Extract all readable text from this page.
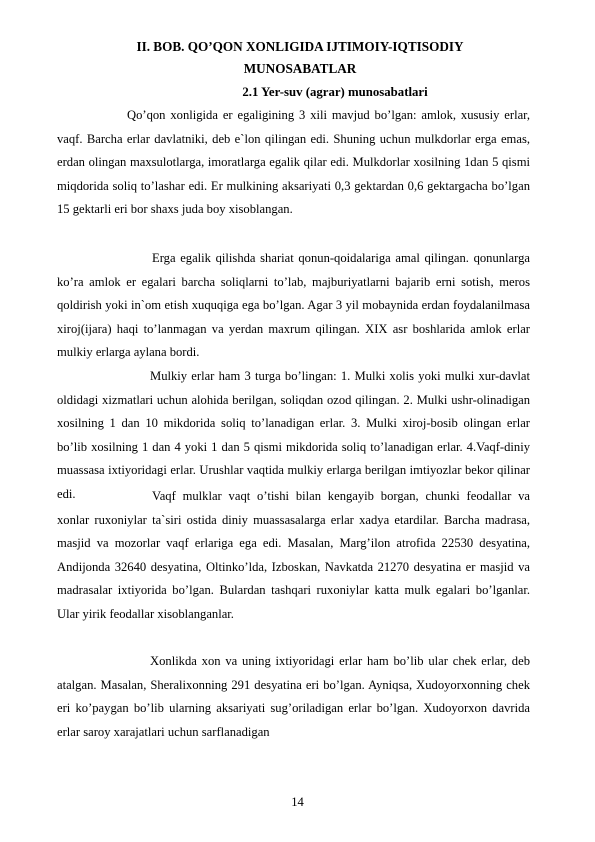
II. BOB. QO’QON XONLIGIDA IJTIMOIY-IQTISODIY
MUNOSABATLAR
2.1 Yer-suv (agrar) munosabatlari

Qo’qon xonligida er egaligining 3 xili mavjud bo’lgan: amlok, xususiy erlar, vaqf. Barcha erlar davlatniki, deb e`lon qilingan edi. Shuning uchun mulkdorlar erga emas, erdan olingan maxsulotlarga, imoratlarga egalik qilar edi. Mulkdorlar xosilning 1dan 5 qismi miqdorida soliq to’lashar edi. Er mulkining aksariyati 0,3 gektardan 0,6 gektargacha bo’lgan 15 gektarli eri bor shaxs juda boy xisoblangan.

Erga egalik qilishda shariat qonun-qoidalariga amal qilingan. qonunlarga ko’ra amlok er egalari barcha soliqlarni to’lab, majburiyatlarni bajarib erni sotish, meros qoldirish yoki in`om etish xuquqiga ega bo’lgan. Agar 3 yil mobaynida erdan foydalanilmasa xiroj(ijara) haqi to’lanmagan va yerdan maxrum qilingan. XIX asr boshlarida amlok erlar mulkiy erlarga aylana bordi.

Mulkiy erlar ham 3 turga bo’lingan: 1. Mulki xolis yoki mulki xur-davlat oldidagi xizmatlari uchun alohida berilgan, soliqdan ozod qilingan. 2. Mulki ushr-olinadigan xosilning 1 dan 10 mikdorida soliq to’lanadigan erlar. 3. Mulki xiroj-bosib olingan erlar bo’lib xosilning 1 dan 4 yoki 1 dan 5 qismi mikdorida soliq to’lanadigan erlar. 4.Vaqf-diniy muassasa ixtiyoridagi erlar. Urushlar vaqtida mulkiy erlarga berilgan imtiyozlar bekor qilinar edi.	Vaqf mulklar vaqt o’tishi bilan kengayib borgan, chunki feodallar va xonlar ruxoniylar ta`siri ostida diniy muassasalarga erlar xadya etardilar. Barcha madrasa, masjid va mozorlar vaqf erlariga ega edi. Masalan, Marg’ilon atrofida 22530 desyatina, Andijonda 32640 desyatina, Oltinko’lda, Izboskan, Navkatda 21270 desyatina er masjid va madrasalar ixtiyorida bo’lgan. Bulardan tashqari ruxoniylar katta mulk egalari bo’lganlar. Ular yirik feodallar xisoblanganlar.

Xonlikda xon va uning ixtiyoridagi erlar ham bo’lib ular chek erlar, deb atalgan. Masalan, Sheralixonning 291 desyatina eri bo’lgan. Ayniqsa, Xudoyorxonning chek eri ko’paygan bo’lib ularning aksariyati sug’oriladigan erlar bo’lgan. Xudoyorxon davrida erlar saroy xarajatlari uchun sarflanadigan

14
